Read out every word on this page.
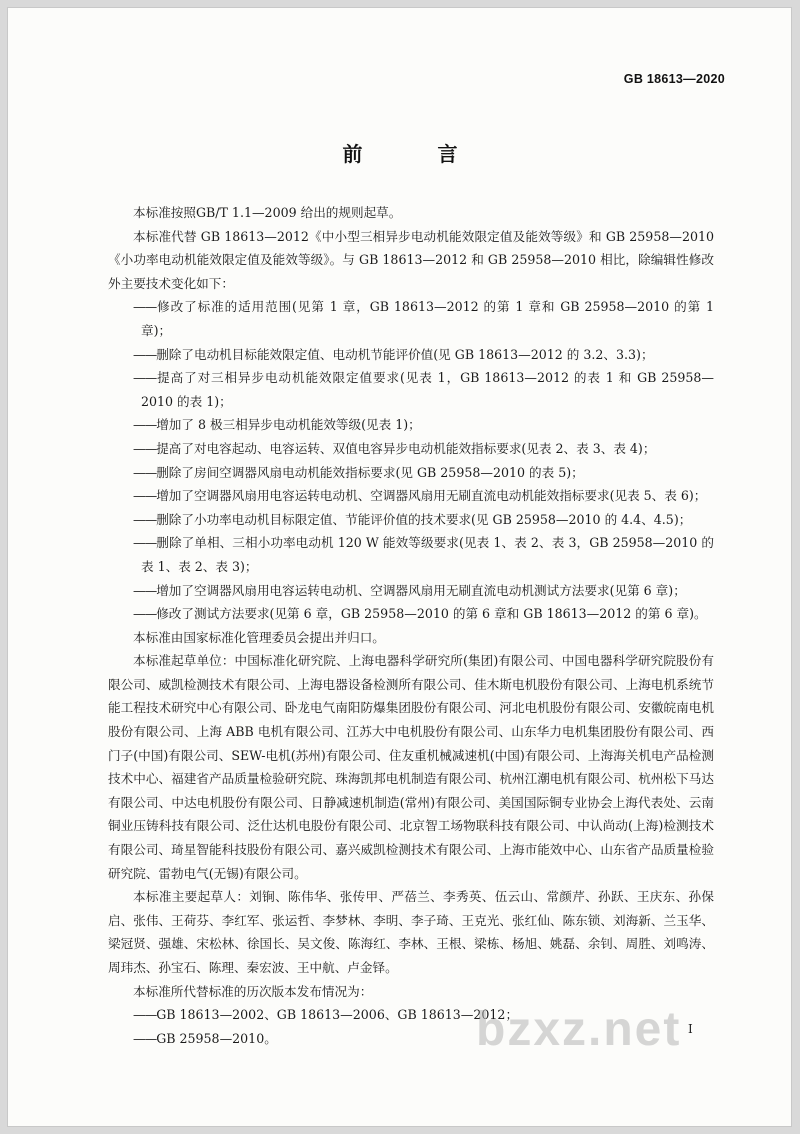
GB 18613—2020
前 言

本标准按照GB/T 1.1—2009 给出的规则起草。

本标准代替 GB 18613—2012《中小型三相异步电动机能效限定值及能效等级》和 GB 25958—2010《小功率电动机能效限定值及能效等级》。与 GB 18613—2012 和 GB 25958—2010 相比，除编辑性修改外主要技术变化如下：

——修改了标准的适用范围(见第 1 章，GB 18613—2012 的第 1 章和 GB 25958—2010 的第 1 章)；

——删除了电动机目标能效限定值、电动机节能评价值(见 GB 18613—2012 的 3.2、3.3)；

——提高了对三相异步电动机能效限定值要求(见表 1，GB 18613—2012 的表 1 和 GB 25958—2010 的表 1)；

——增加了 8 极三相异步电动机能效等级(见表 1)；

——提高了对电容起动、电容运转、双值电容异步电动机能效指标要求(见表 2、表 3、表 4)；

——删除了房间空调器风扇电动机能效指标要求(见 GB 25958—2010 的表 5)；

——增加了空调器风扇用电容运转电动机、空调器风扇用无刷直流电动机能效指标要求(见表 5、表 6)；

——删除了小功率电动机目标限定值、节能评价值的技术要求(见 GB 25958—2010 的 4.4、4.5)；

——删除了单相、三相小功率电动机 120 W 能效等级要求(见表 1、表 2、表 3，GB 25958—2010 的表 1、表 2、表 3)；

——增加了空调器风扇用电容运转电动机、空调器风扇用无刷直流电动机测试方法要求(见第 6 章)；

——修改了测试方法要求(见第 6 章，GB 25958—2010 的第 6 章和 GB 18613—2012 的第 6 章)。

本标准由国家标准化管理委员会提出并归口。

本标准起草单位：中国标准化研究院、上海电器科学研究所(集团)有限公司、中国电器科学研究院股份有限公司、威凯检测技术有限公司、上海电器设备检测所有限公司、佳木斯电机股份有限公司、上海电机系统节能工程技术研究中心有限公司、卧龙电气南阳防爆集团股份有限公司、河北电机股份有限公司、安徽皖南电机股份有限公司、上海 ABB 电机有限公司、江苏大中电机股份有限公司、山东华力电机集团股份有限公司、西门子(中国)有限公司、SEW-电机(苏州)有限公司、住友重机械减速机(中国)有限公司、上海海关机电产品检测技术中心、福建省产品质量检验研究院、珠海凯邦电机制造有限公司、杭州江潮电机有限公司、杭州松下马达有限公司、中达电机股份有限公司、日静减速机制造(常州)有限公司、美国国际铜专业协会上海代表处、云南铜业压铸科技有限公司、泛仕达机电股份有限公司、北京智工场物联科技有限公司、中认尚动(上海)检测技术有限公司、琦星智能科技股份有限公司、嘉兴威凯检测技术有限公司、上海市能效中心、山东省产品质量检验研究院、雷勃电气(无锡)有限公司。

本标准主要起草人：刘锏、陈伟华、张传甲、严蓓兰、李秀英、伍云山、常颜芹、孙跃、王庆东、孙保启、张伟、王荷芬、李红军、张运哲、李梦林、李明、李子琦、王克光、张红仙、陈东锁、刘海新、兰玉华、梁冠贤、强雄、宋松林、徐国长、吴文俊、陈海红、李林、王根、梁栋、杨旭、姚磊、余钊、周胜、刘鸣涛、周玮杰、孙宝石、陈理、秦宏波、王中航、卢金铎。

本标准所代替标准的历次版本发布情况为：

——GB 18613—2002、GB 18613—2006、GB 18613—2012；

——GB 25958—2010。	bzxz.net I
